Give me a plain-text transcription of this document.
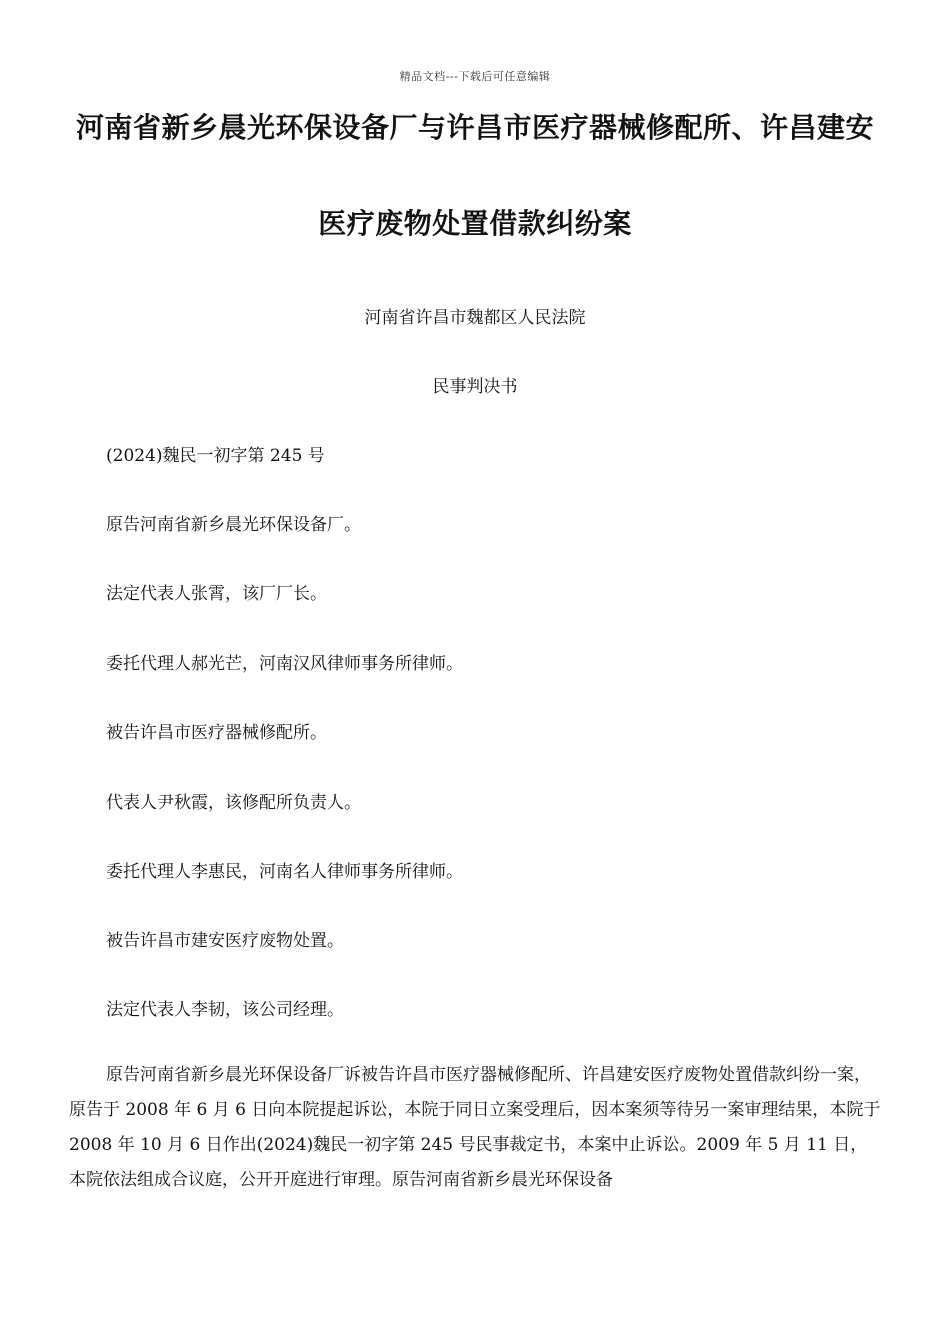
精品文档---下载后可任意编辑
河南省新乡晨光环保设备厂与许昌市医疗器械修配所、许昌建安
医疗废物处置借款纠纷案
河南省许昌市魏都区人民法院
民事判决书
(2024)魏民一初字第 245 号
原告河南省新乡晨光环保设备厂。
法定代表人张霄，该厂厂长。
委托代理人郝光芒，河南汉风律师事务所律师。
被告许昌市医疗器械修配所。
代表人尹秋霞，该修配所负责人。
委托代理人李惠民，河南名人律师事务所律师。
被告许昌市建安医疗废物处置。
法定代表人李韧，该公司经理。
原告河南省新乡晨光环保设备厂诉被告许昌市医疗器械修配所、许昌建安医疗废物处置借款纠纷一案，原告于 2008 年 6 月 6 日向本院提起诉讼，本院于同日立案受理后，因本案须等待另一案审理结果，本院于 2008 年 10 月 6 日作出(2024)魏民一初字第 245 号民事裁定书，本案中止诉讼。2009 年 5 月 11 日，本院依法组成合议庭，公开开庭进行审理。原告河南省新乡晨光环保设备
